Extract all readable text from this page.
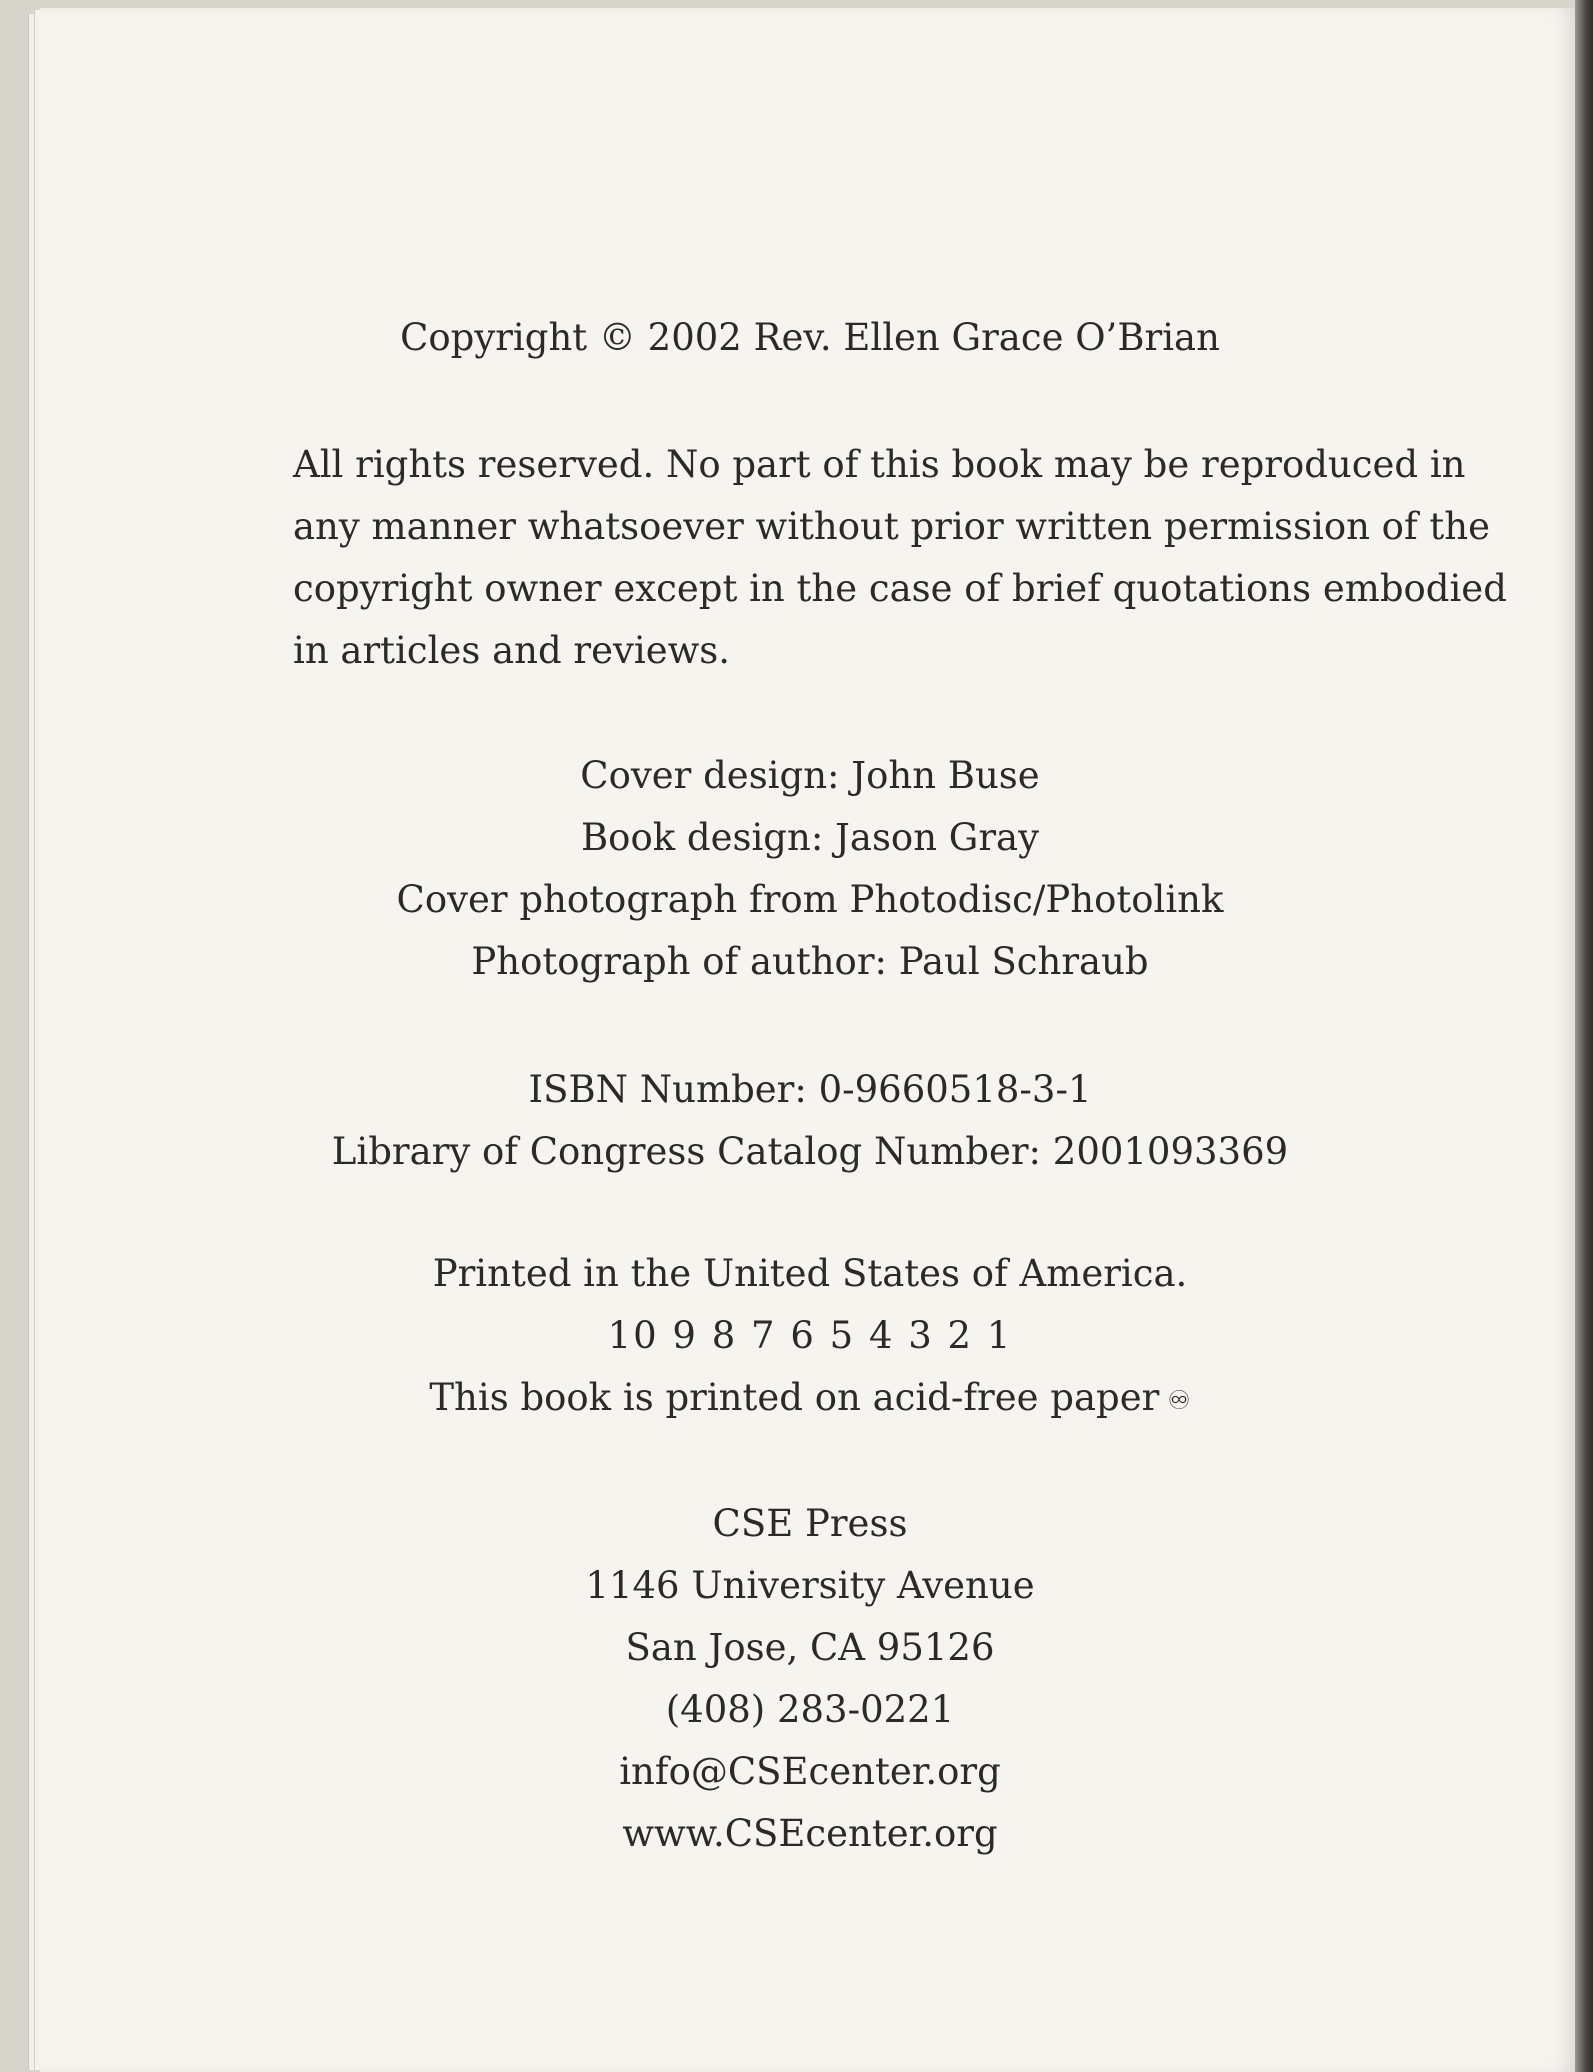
Copyright © 2002 Rev. Ellen Grace O’Brian
All rights reserved. No part of this book may be reproduced in
any manner whatsoever without prior written permission of the
copyright owner except in the case of brief quotations embodied
in articles and reviews.
Cover design: John Buse
Book design: Jason Gray
Cover photograph from Photodisc/Photolink
Photograph of author: Paul Schraub
ISBN Number: 0-9660518-3-1
Library of Congress Catalog Number: 2001093369
Printed in the United States of America.
10 9 8 7 6 5 4 3 2 1
This book is printed on acid-free paper ♾
CSE Press
1146 University Avenue
San Jose, CA 95126
(408) 283-0221
info@CSEcenter.org
www.CSEcenter.org
